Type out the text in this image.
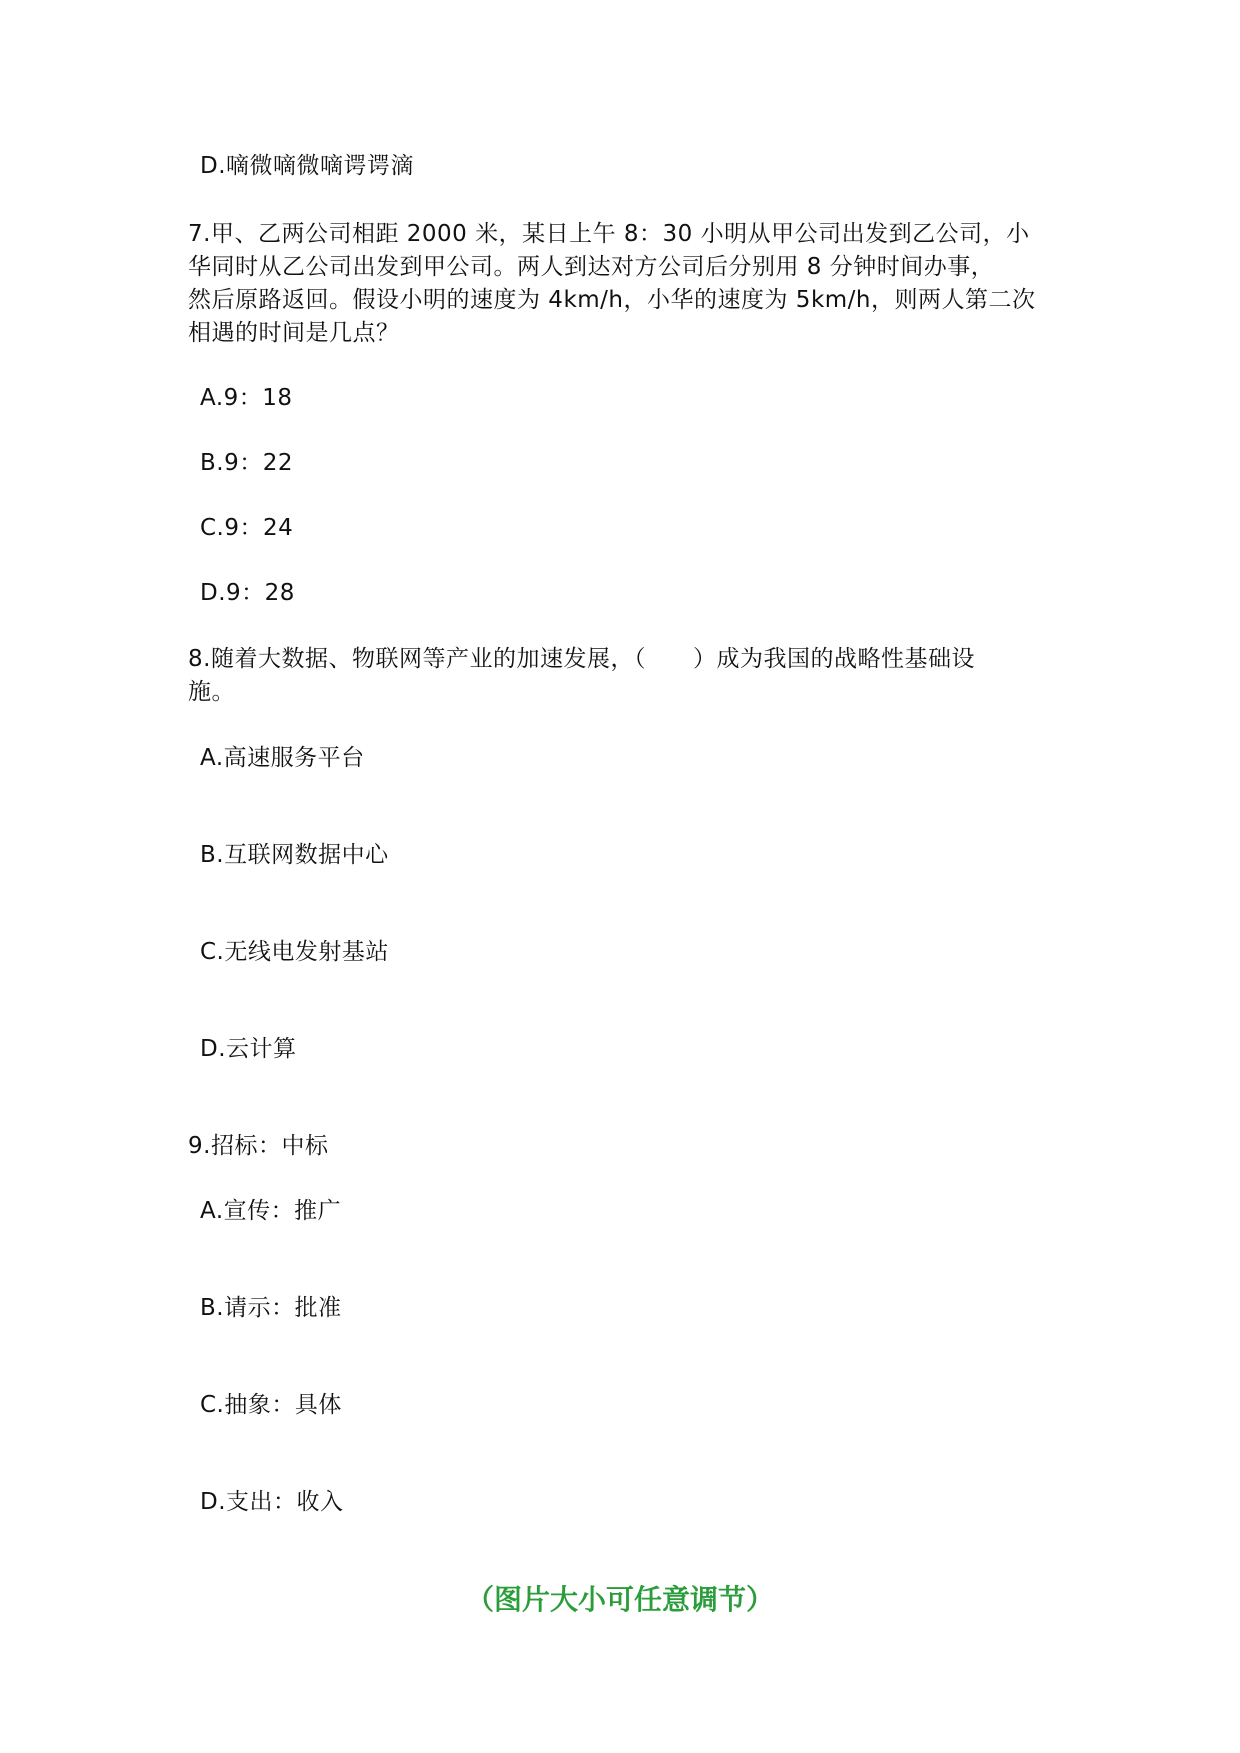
D.嘀微嘀微嘀谔谔滴
7.甲、乙两公司相距 2000 米，某日上午 8：30 小明从甲公司出发到乙公司，小
华同时从乙公司出发到甲公司。两人到达对方公司后分别用 8 分钟时间办事，
然后原路返回。假设小明的速度为 4km/h，小华的速度为 5km/h，则两人第二次
相遇的时间是几点？
A.9：18
B.9：22
C.9：24
D.9：28
8.随着大数据、物联网等产业的加速发展，（　　）成为我国的战略性基础设
施。
A.高速服务平台
B.互联网数据中心
C.无线电发射基站
D.云计算
9.招标：中标
A.宣传：推广
B.请示：批准
C.抽象：具体
D.支出：收入
（图片大小可任意调节）
